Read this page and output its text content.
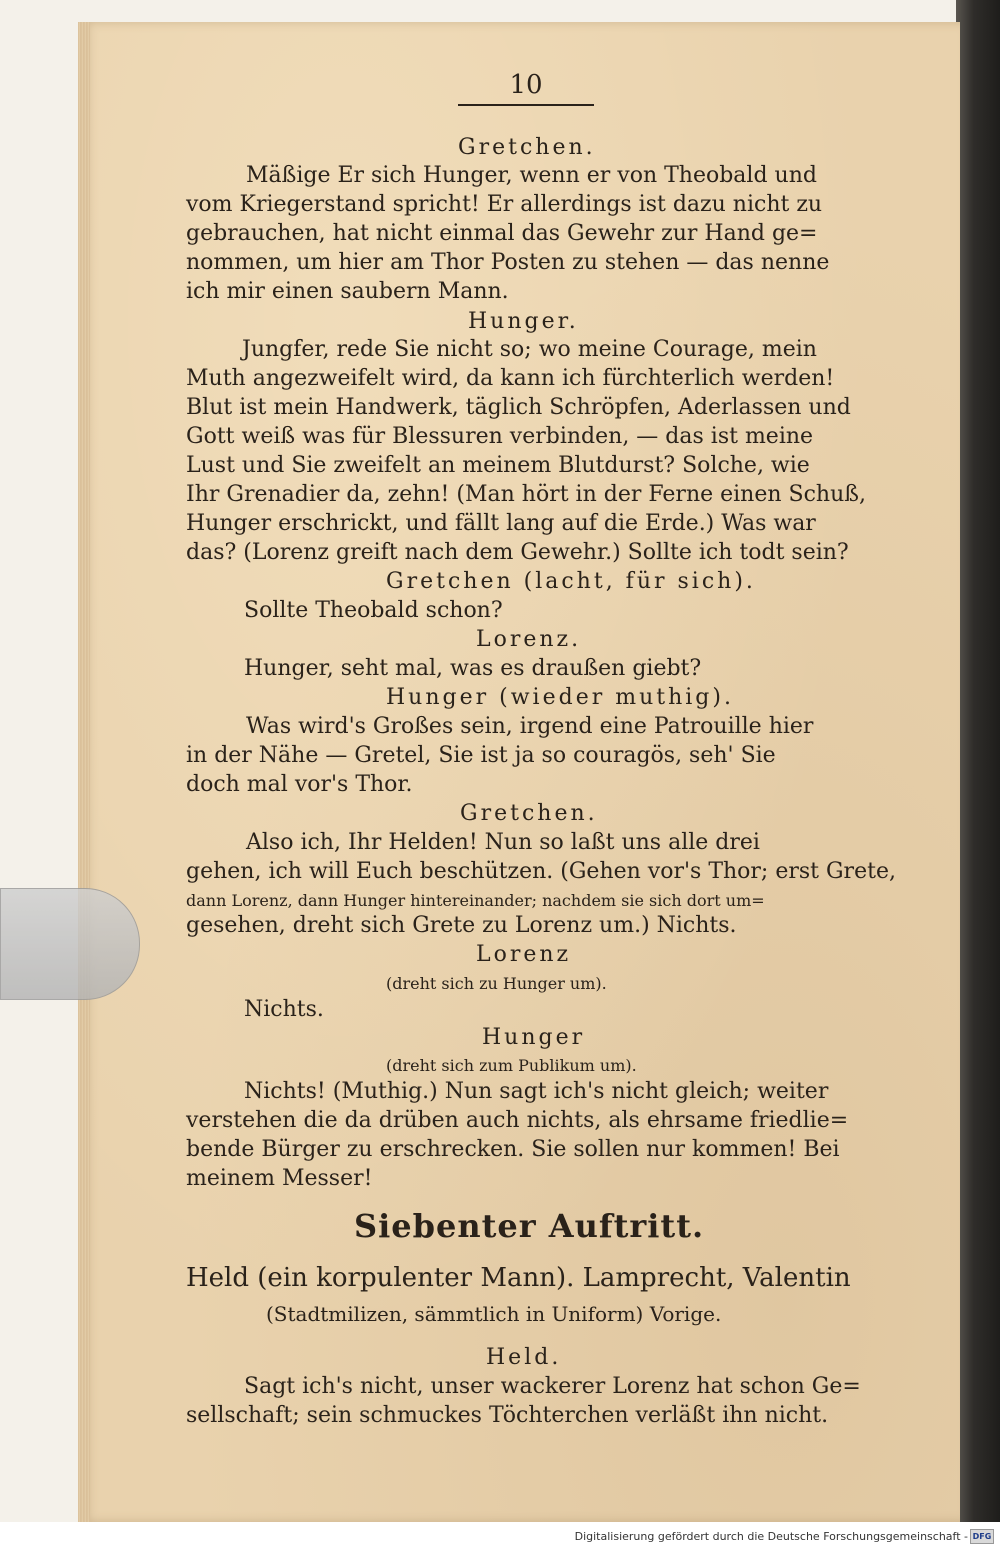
10
Gretchen.
Mäßige Er sich Hunger, wenn er von Theobald und
vom Kriegerstand spricht! Er allerdings ist dazu nicht zu
gebrauchen, hat nicht einmal das Gewehr zur Hand ge=
nommen, um hier am Thor Posten zu stehen — das nenne
ich mir einen saubern Mann.
Hunger.
Jungfer, rede Sie nicht so; wo meine Courage, mein
Muth angezweifelt wird, da kann ich fürchterlich werden!
Blut ist mein Handwerk, täglich Schröpfen, Aderlassen und
Gott weiß was für Blessuren verbinden, — das ist meine
Lust und Sie zweifelt an meinem Blutdurst? Solche, wie
Ihr Grenadier da, zehn! (Man hört in der Ferne einen Schuß,
Hunger erschrickt, und fällt lang auf die Erde.) Was war
das? (Lorenz greift nach dem Gewehr.) Sollte ich todt sein?
Gretchen (lacht, für sich).
Sollte Theobald schon?
Lorenz.
Hunger, seht mal, was es draußen giebt?
Hunger (wieder muthig).
Was wird's Großes sein, irgend eine Patrouille hier
in der Nähe — Gretel, Sie ist ja so couragös, seh' Sie
doch mal vor's Thor.
Gretchen.
Also ich, Ihr Helden! Nun so laßt uns alle drei
gehen, ich will Euch beschützen. (Gehen vor's Thor; erst Grete,
dann Lorenz, dann Hunger hintereinander; nachdem sie sich dort um=
gesehen, dreht sich Grete zu Lorenz um.) Nichts.
Lorenz
(dreht sich zu Hunger um).
Nichts.
Hunger
(dreht sich zum Publikum um).
Nichts! (Muthig.) Nun sagt ich's nicht gleich; weiter
verstehen die da drüben auch nichts, als ehrsame friedlie=
bende Bürger zu erschrecken. Sie sollen nur kommen! Bei
meinem Messer!
Siebenter Auftritt.
Held (ein korpulenter Mann). Lamprecht, Valentin
(Stadtmilizen, sämmtlich in Uniform) Vorige.
Held.
Sagt ich's nicht, unser wackerer Lorenz hat schon Ge=
sellschaft; sein schmuckes Töchterchen verläßt ihn nicht.
Digitalisierung gefördert durch die Deutsche Forschungsgemeinschaft - DFG
